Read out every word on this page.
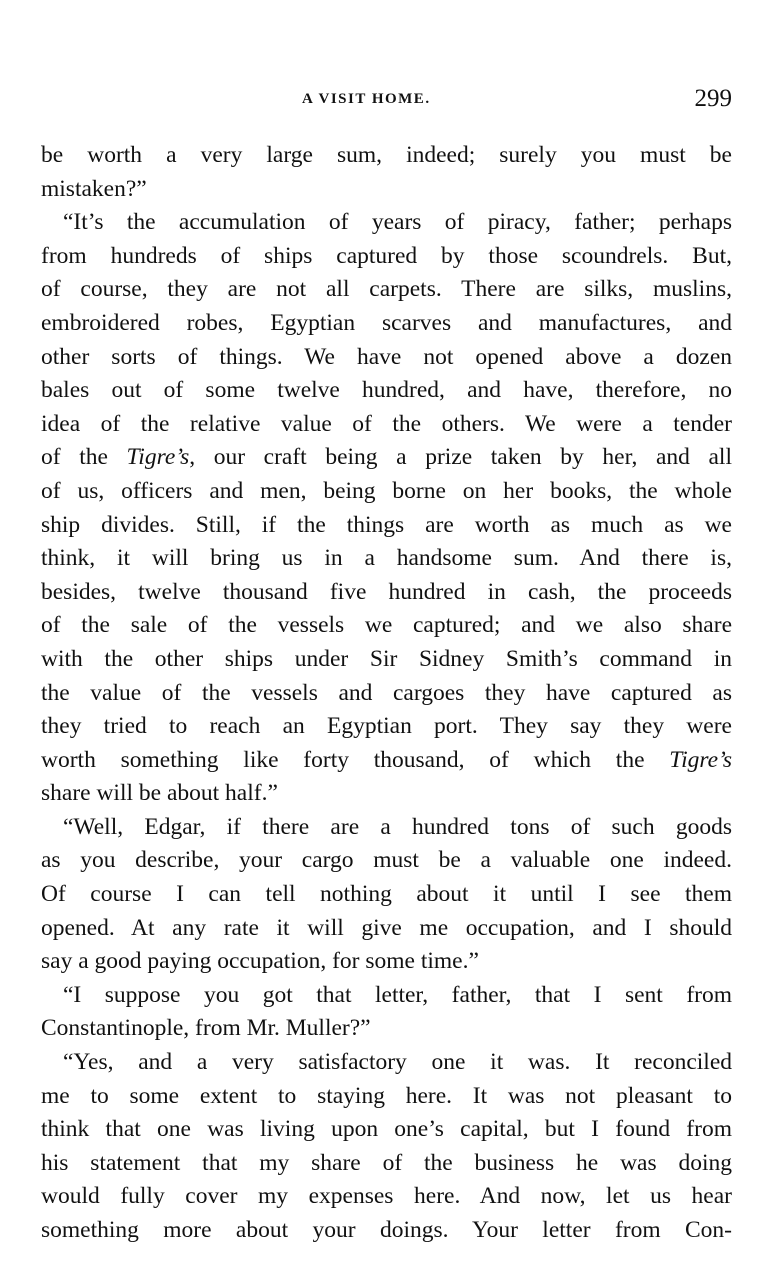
A VISIT HOME.	299
be worth a very large sum, indeed; surely you must be
mistaken?”
“It’s the accumulation of years of piracy, father; perhaps
from hundreds of ships captured by those scoundrels. But,
of course, they are not all carpets. There are silks, muslins,
embroidered robes, Egyptian scarves and manufactures, and
other sorts of things. We have not opened above a dozen
bales out of some twelve hundred, and have, therefore, no
idea of the relative value of the others. We were a tender
of the Tigre’s, our craft being a prize taken by her, and all
of us, officers and men, being borne on her books, the whole
ship divides. Still, if the things are worth as much as we
think, it will bring us in a handsome sum. And there is,
besides, twelve thousand five hundred in cash, the proceeds
of the sale of the vessels we captured; and we also share
with the other ships under Sir Sidney Smith’s command in
the value of the vessels and cargoes they have captured as
they tried to reach an Egyptian port. They say they were
worth something like forty thousand, of which the Tigre’s
share will be about half.”
“Well, Edgar, if there are a hundred tons of such goods
as you describe, your cargo must be a valuable one indeed.
Of course I can tell nothing about it until I see them
opened. At any rate it will give me occupation, and I should
say a good paying occupation, for some time.”
“I suppose you got that letter, father, that I sent from
Constantinople, from Mr. Muller?”
“Yes, and a very satisfactory one it was. It reconciled
me to some extent to staying here. It was not pleasant to
think that one was living upon one’s capital, but I found from
his statement that my share of the business he was doing
would fully cover my expenses here. And now, let us hear
something more about your doings. Your letter from Con-
